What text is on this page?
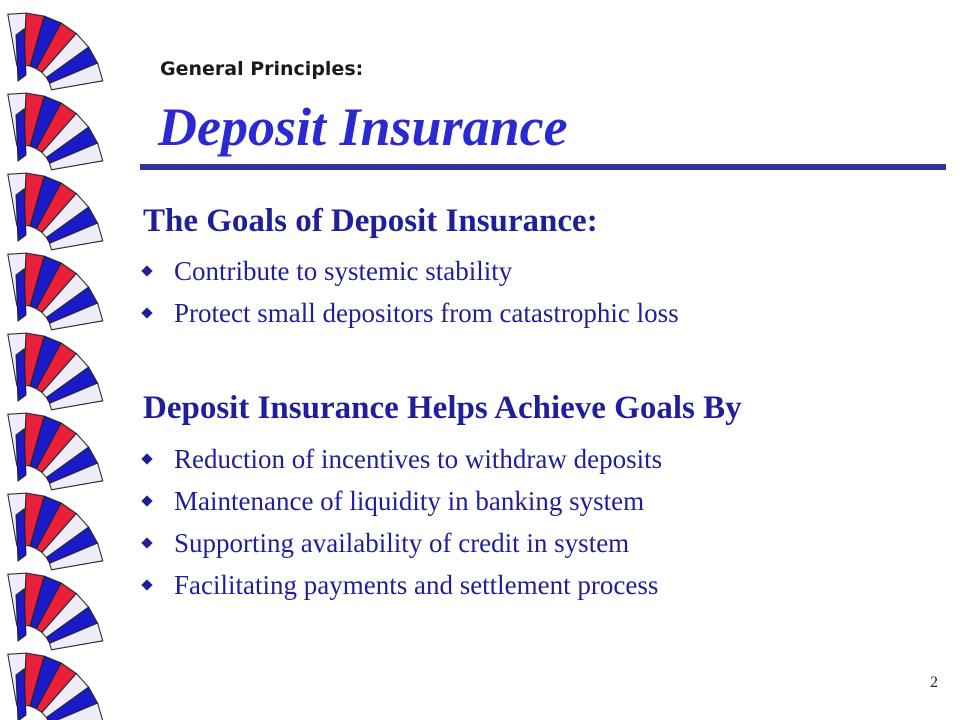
General Principles:
Deposit Insurance
The Goals of Deposit Insurance:
Contribute to systemic stability
Protect small depositors from catastrophic loss
Deposit Insurance Helps Achieve Goals By
Reduction of incentives to withdraw deposits
Maintenance of liquidity in banking system
Supporting availability of credit in system
Facilitating payments and settlement process
2
